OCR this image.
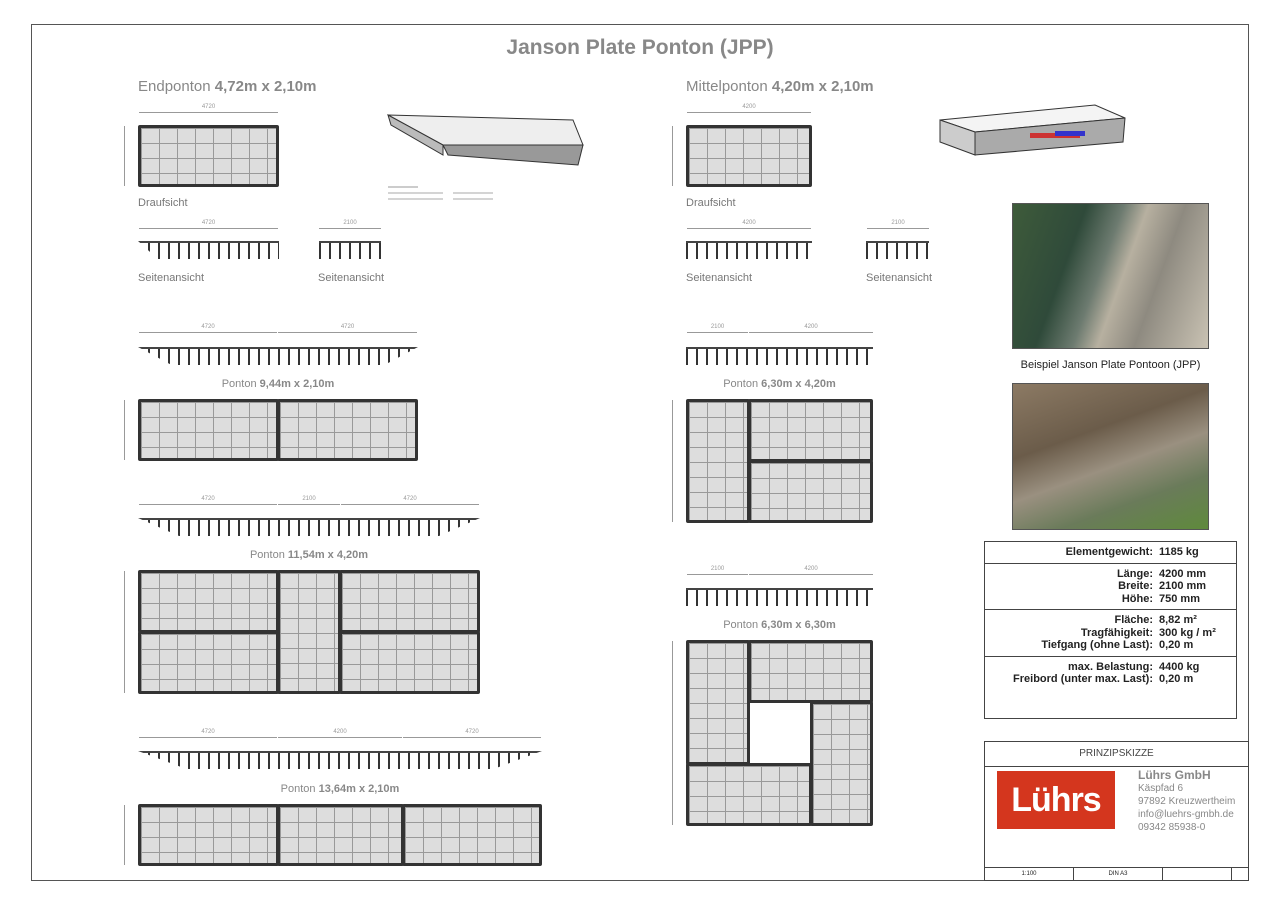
Janson Plate Ponton (JPP)
Endponton 4,72m x 2,10m
4720
Draufsicht
4720
Seitenansicht
2100
Seitenansicht
Mittelponton 4,20m x 2,10m
4200
Draufsicht
4200
Seitenansicht
2100
Seitenansicht
4720	4720
Ponton 9,44m x 2,10m
4720	2100	4720
Ponton 11,54m x 4,20m
4720	4200	4720
Ponton 13,64m x 2,10m
2100	4200
Ponton 6,30m x 4,20m
2100	4200
Ponton 6,30m x 6,30m
Beispiel Janson Plate Pontoon (JPP)
Elementgewicht: 1185 kg
Länge: 4200 mm
Breite: 2100 mm
Höhe: 750 mm
Fläche: 8,82 m²
Tragfähigkeit: 300 kg / m²
Tiefgang (ohne Last): 0,20 m
max. Belastung: 4400 kg
Freibord (unter max. Last): 0,20 m
PRINZIPSKIZZE
Lührs
Lührs GmbH
Käspfad 6
97892 Kreuzwertheim
info@luehrs-gmbh.de
09342 85938-0
1:100	DIN A3
